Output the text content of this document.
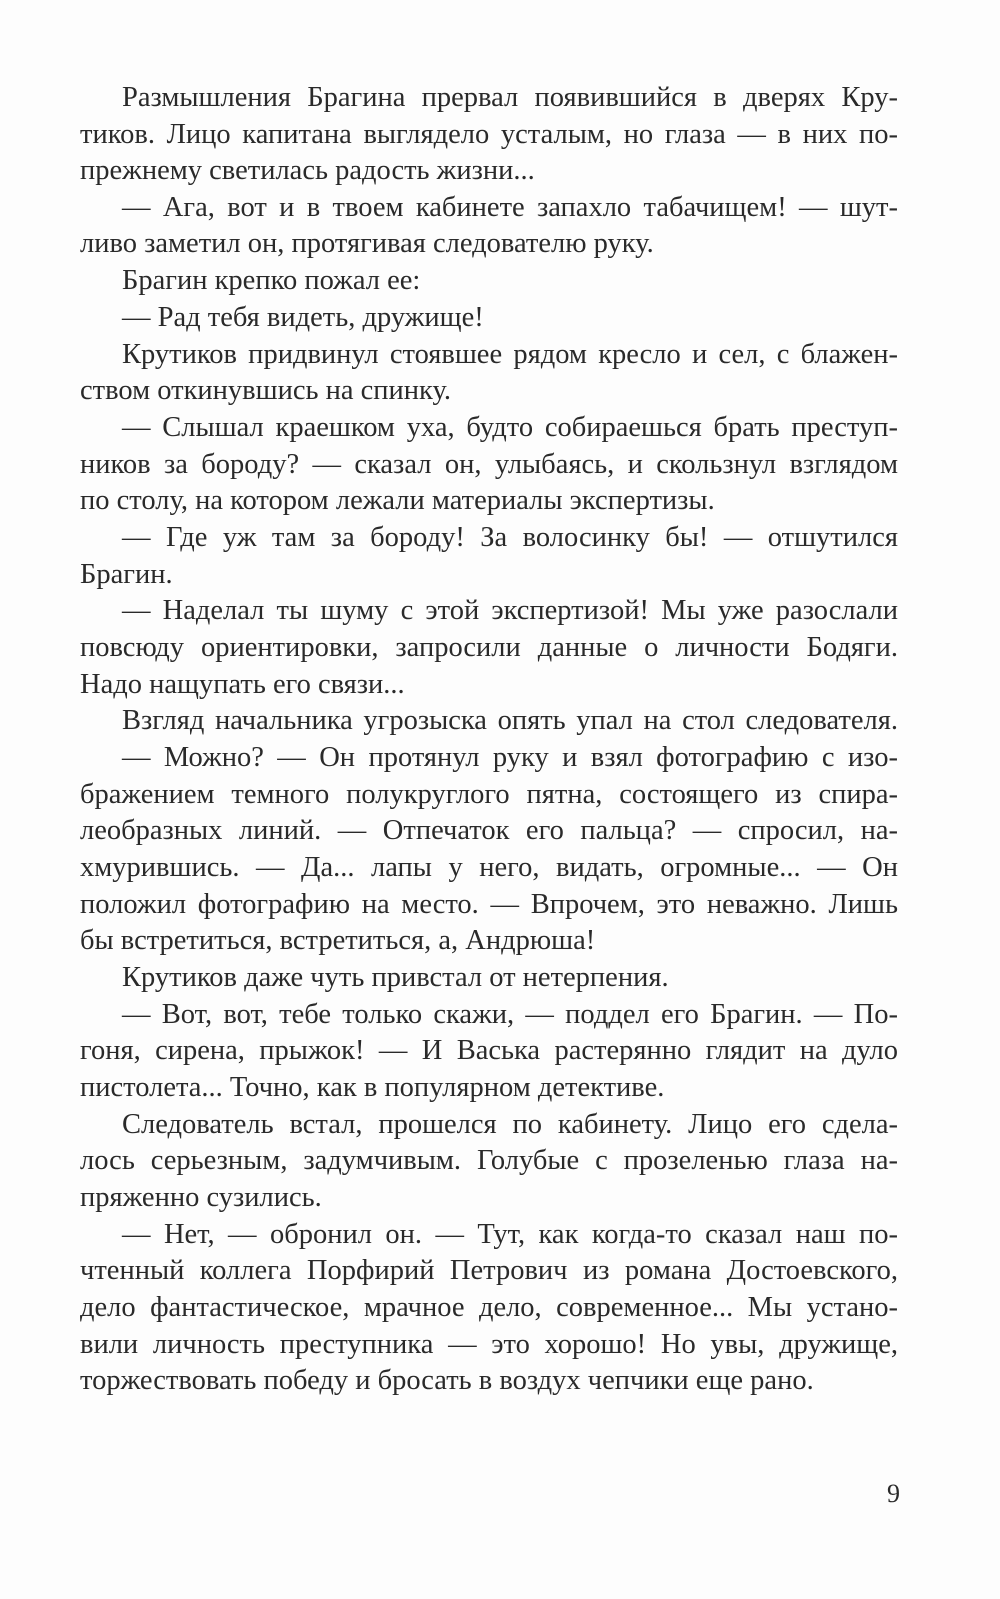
Размышления Брагина прервал появившийся в дверях Кру-
тиков. Лицо капитана выглядело усталым, но глаза — в них по-
прежнему светилась радость жизни...
— Ага, вот и в твоем кабинете запахло табачищем! — шут-
ливо заметил он, протягивая следователю руку.
Брагин крепко пожал ее:
— Рад тебя видеть, дружище!
Крутиков придвинул стоявшее рядом кресло и сел, с блажен-
ством откинувшись на спинку.
— Слышал краешком уха, будто собираешься брать преступ-
ников за бороду? — сказал он, улыбаясь, и скользнул взглядом
по столу, на котором лежали материалы экспертизы.
— Где уж там за бороду! За волосинку бы! — отшутился
Брагин.
— Наделал ты шуму с этой экспертизой! Мы уже разослали
повсюду ориентировки, запросили данные о личности Бодяги.
Надо нащупать его связи...
Взгляд начальника угрозыска опять упал на стол следователя.
— Можно? — Он протянул руку и взял фотографию с изо-
бражением темного полукруглого пятна, состоящего из спира-
леобразных линий. — Отпечаток его пальца? — спросил, на-
хмурившись. — Да... лапы у него, видать, огромные... — Он
положил фотографию на место. — Впрочем, это неважно. Лишь
бы встретиться, встретиться, а, Андрюша!
Крутиков даже чуть привстал от нетерпения.
— Вот, вот, тебе только скажи, — поддел его Брагин. — По-
гоня, сирена, прыжок! — И Васька растерянно глядит на дуло
пистолета... Точно, как в популярном детективе.
Следователь встал, прошелся по кабинету. Лицо его сдела-
лось серьезным, задумчивым. Голубые с прозеленью глаза на-
пряженно сузились.
— Нет, — обронил он. — Тут, как когда-то сказал наш по-
чтенный коллега Порфирий Петрович из романа Достоевского,
дело фантастическое, мрачное дело, современное... Мы устано-
вили личность преступника — это хорошо! Но увы, дружище,
торжествовать победу и бросать в воздух чепчики еще рано.
9
